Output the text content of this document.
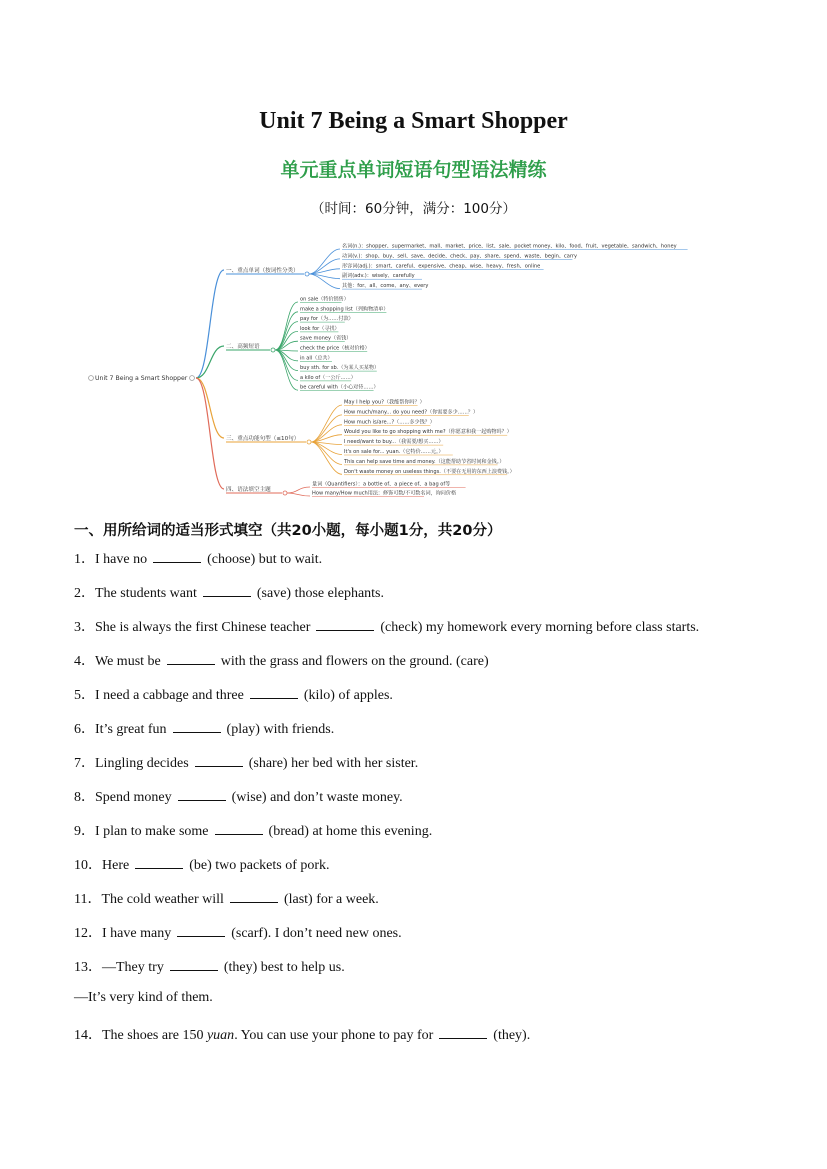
Unit 7 Being a Smart Shopper
单元重点单词短语句型语法精练
（时间：60分钟，满分：100分）
Unit 7 Being a Smart Shopper
一、重点单词（按词性分类）
名词(n.)：shopper、supermarket、mall、market、price、list、sale、pocket money、kilo、food、fruit、vegetable、sandwich、honey
动词(v.)：shop、buy、sell、save、decide、check、pay、share、spend、waste、begin、carry
形容词(adj.)：smart、careful、expensive、cheap、wise、heavy、fresh、online
副词(adv.)：wisely、carefully
其他：for、all、come、any、every
二、高频短语
on sale（特价销售）
make a shopping list（列购物清单）
pay for（为……付款）
look for（寻找）
save money（省钱）
check the price（核对价格）
in all（总共）
buy sth. for sb.（为某人买某物）
a kilo of（一公斤……）
be careful with（小心对待……）
三、重点功能句型（≤10句）
May I help you?（我能帮你吗？）
How much/many... do you need?（你需要多少……？）
How much is/are...?（……多少钱？）
Would you like to go shopping with me?（你愿意和我一起购物吗？）
I need/want to buy...（我需要/想买……）
It's on sale for... yuan.（它特价……元。）
This can help save time and money.（这能帮助节省时间和金钱。）
Don't waste money on useless things.（不要在无用的东西上浪费钱。）
四、语法填空主题
量词（Quantifiers）：a bottle of、a piece of、a bag of等
How many/How much用法：修饰可数/不可数名词，询问价格
一、用所给词的适当形式填空（共20小题，每小题1分，共20分）
1．I have no	(choose) but to wait.
2．The students want	(save) those elephants.
3．She is always the first Chinese teacher	(check) my homework every morning before class starts.
4．We must be	with the grass and flowers on the ground. (care)
5．I need a cabbage and three	(kilo) of apples.
6．It’s great fun	(play) with friends.
7．Lingling decides	(share) her bed with her sister.
8．Spend money	(wise) and don’t waste money.
9．I plan to make some	(bread) at home this evening.
10．Here	(be) two packets of pork.
11．The cold weather will	(last) for a week.
12．I have many	(scarf). I don’t need new ones.
13．—They try	(they) best to help us.
—It’s very kind of them.
14．The shoes are 150 yuan. You can use your phone to pay for	(they).
